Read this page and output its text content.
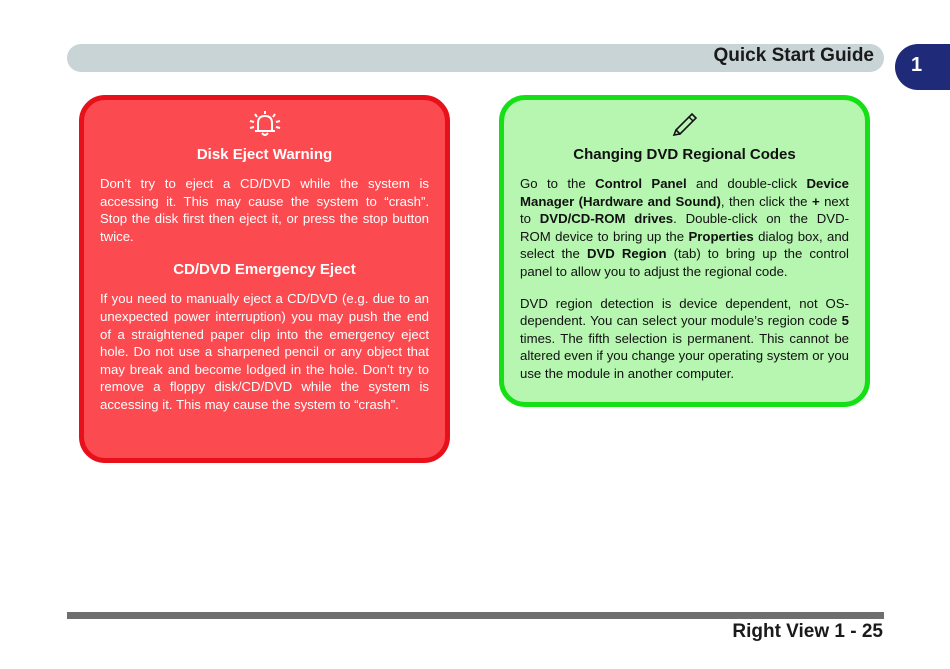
Quick Start Guide 1
Disk Eject Warning

Don’t try to eject a CD/DVD while the system is accessing it. This may cause the system to “crash”. Stop the disk first then eject it, or press the stop button twice.

CD/DVD Emergency Eject

If you need to manually eject a CD/DVD (e.g. due to an unexpected power interruption) you may push the end of a straightened paper clip into the emergency eject hole. Do not use a sharpened pencil or any object that may break and become lodged in the hole. Don’t try to remove a floppy disk/CD/DVD while the system is accessing it. This may cause the system to “crash”.

Changing DVD Regional Codes

Go to the Control Panel and double-click Device Manager (Hardware and Sound), then click the + next to DVD/CD-ROM drives. Double-click on the DVD-ROM device to bring up the Properties dialog box, and select the DVD Region (tab) to bring up the control panel to allow you to adjust the regional code.

DVD region detection is device dependent, not OS-dependent. You can select your module’s region code 5 times. The fifth selection is permanent. This cannot be altered even if you change your operating system or you use the module in another computer.

Right View 1 - 25
